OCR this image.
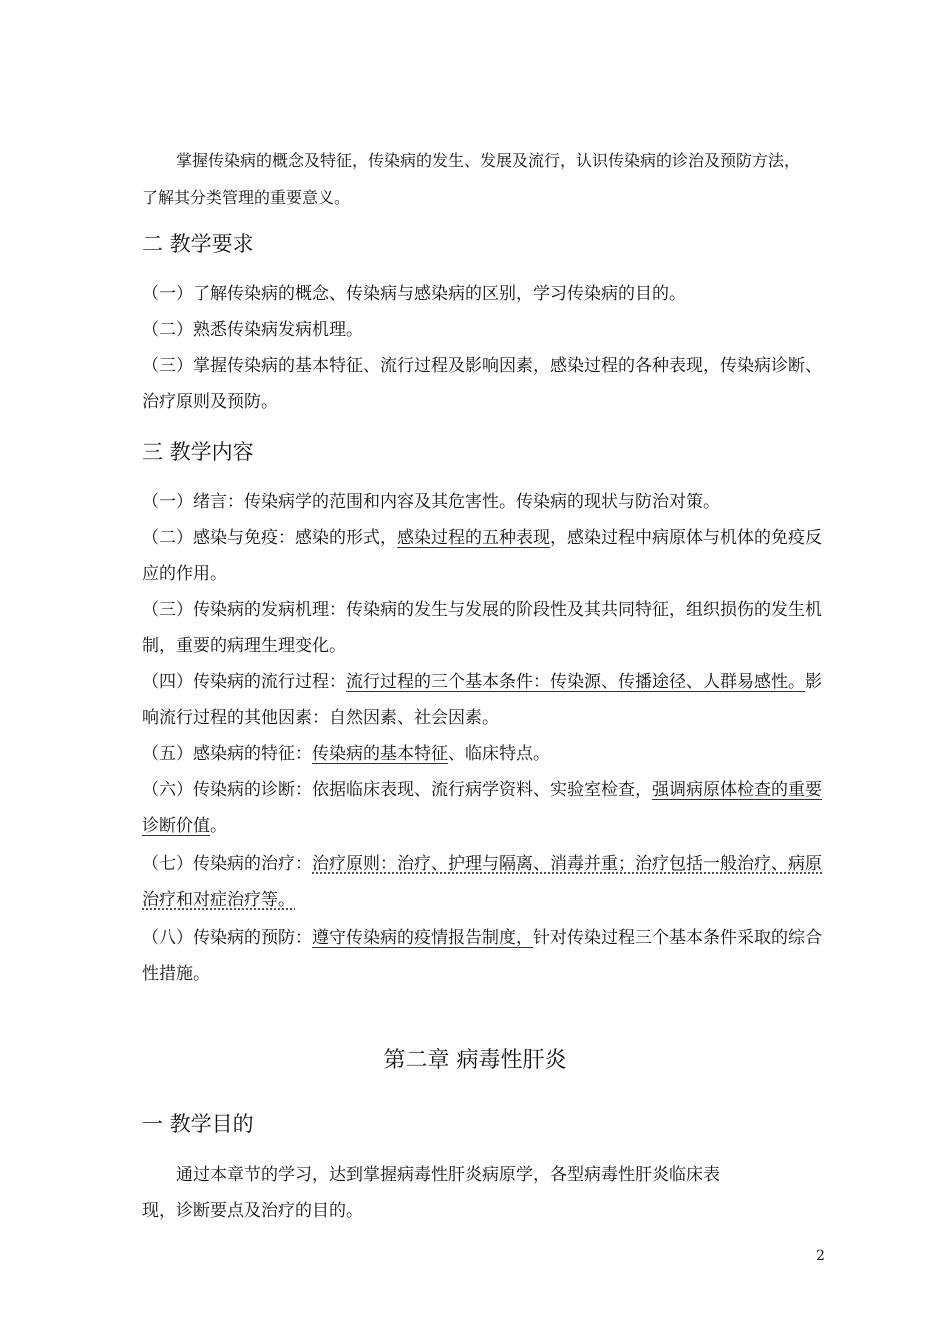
掌握传染病的概念及特征，传染病的发生、发展及流行，认识传染病的诊治及预防方法，
了解其分类管理的重要意义。

二 教学要求

（一）了解传染病的概念、传染病与感染病的区别，学习传染病的目的。

（二）熟悉传染病发病机理。

（三）掌握传染病的基本特征、流行过程及影响因素，感染过程的各种表现，传染病诊断、治疗原则及预防。

三 教学内容

（一）绪言：传染病学的范围和内容及其危害性。传染病的现状与防治对策。

（二）感染与免疫：感染的形式，感染过程的五种表现，感染过程中病原体与机体的免疫反应的作用。

（三）传染病的发病机理：传染病的发生与发展的阶段性及其共同特征，组织损伤的发生机制，重要的病理生理变化。

（四）传染病的流行过程：流行过程的三个基本条件：传染源、传播途径、人群易感性。影响流行过程的其他因素：自然因素、社会因素。

（五）感染病的特征：传染病的基本特征、临床特点。

（六）传染病的诊断：依据临床表现、流行病学资料、实验室检查，强调病原体检查的重要诊断价值。

（七）传染病的治疗：治疗原则：治疗、护理与隔离、消毒并重；治疗包括一般治疗、病原治疗和对症治疗等。

（八）传染病的预防：遵守传染病的疫情报告制度，针对传染过程三个基本条件采取的综合性措施。

第二章 病毒性肝炎
一 教学目的

通过本章节的学习，达到掌握病毒性肝炎病原学，各型病毒性肝炎临床表
现，诊断要点及治疗的目的。

2
